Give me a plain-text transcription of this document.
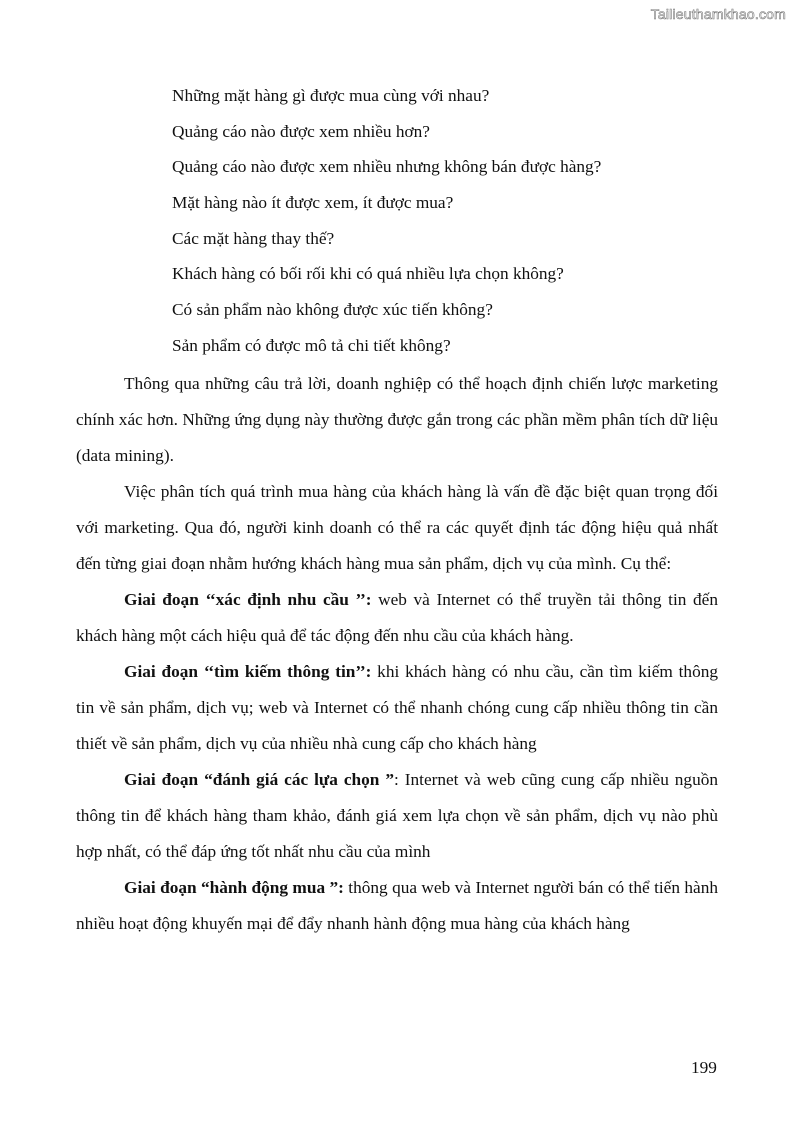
Tailieuthamkhao.com
Những mặt hàng gì được mua cùng với nhau?
Quảng cáo nào được xem nhiều hơn?
Quảng cáo nào được xem nhiều nhưng không bán được hàng?
Mặt hàng nào ít được xem, ít được mua?
Các mặt hàng thay thế?
Khách hàng có bối rối khi có quá nhiều lựa chọn không?
Có sản phẩm nào không được xúc tiến không?
Sản phẩm có được mô tả chi tiết không?

Thông qua những câu trả lời, doanh nghiệp có thể hoạch định chiến lược marketing chính xác hơn. Những ứng dụng này thường được gắn trong các phần mềm phân tích dữ liệu (data mining).

Việc phân tích quá trình mua hàng của khách hàng là vấn đề đặc biệt quan trọng đối với marketing. Qua đó, người kinh doanh có thể ra các quyết định tác động hiệu quả nhất đến từng giai đoạn nhằm hướng khách hàng mua sản phẩm, dịch vụ của mình. Cụ thể:

Giai đoạn ‘‘xác định nhu cầu ’’: web và Internet có thể truyền tải thông tin đến khách hàng một cách hiệu quả để tác động đến nhu cầu của khách hàng.

Giai đoạn ‘‘tìm kiếm thông tin’’: khi khách hàng có nhu cầu, cần tìm kiếm thông tin về sản phẩm, dịch vụ; web và Internet có thể nhanh chóng cung cấp nhiều thông tin cần thiết về sản phẩm, dịch vụ của nhiều nhà cung cấp cho khách hàng

Giai đoạn “đánh giá các lựa chọn ”: Internet và web cũng cung cấp nhiều nguồn thông tin để khách hàng tham khảo, đánh giá xem lựa chọn về sản phẩm, dịch vụ nào phù hợp nhất, có thể đáp ứng tốt nhất nhu cầu của mình

Giai đoạn “hành động mua ”: thông qua web và Internet người bán có thể tiến hành nhiều hoạt động khuyến mại để đẩy nhanh hành động mua hàng của khách hàng

199
